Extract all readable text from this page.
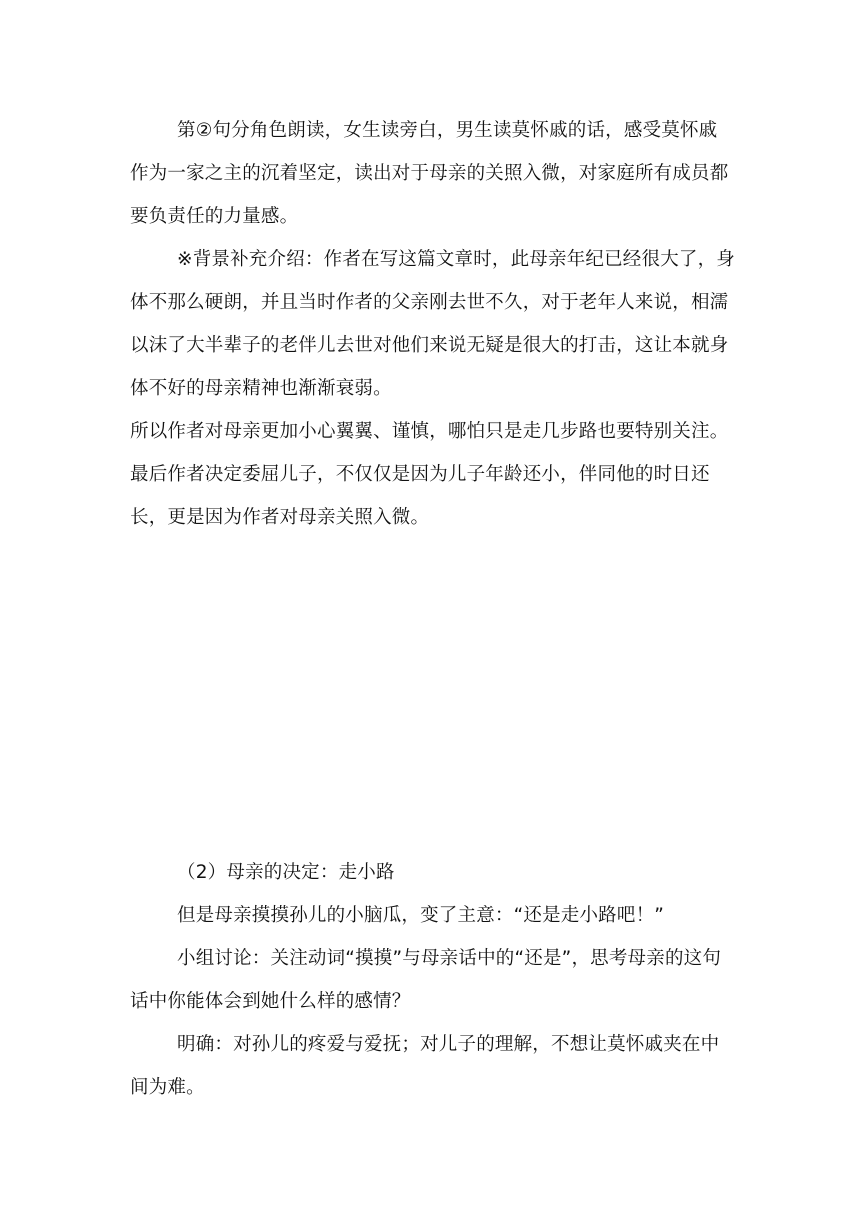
第②句分角色朗读，女生读旁白，男生读莫怀戚的话，感受莫怀戚作为一家之主的沉着坚定，读出对于母亲的关照入微，对家庭所有成员都要负责任的力量感。

※背景补充介绍：作者在写这篇文章时，此母亲年纪已经很大了，身体不那么硬朗，并且当时作者的父亲刚去世不久，对于老年人来说，相濡以沫了大半辈子的老伴儿去世对他们来说无疑是很大的打击，这让本就身体不好的母亲精神也渐渐衰弱。

所以作者对母亲更加小心翼翼、谨慎，哪怕只是走几步路也要特别关注。最后作者决定委屈儿子，不仅仅是因为儿子年龄还小，伴同他的时日还长，更是因为作者对母亲关照入微。

（2）母亲的决定：走小路

但是母亲摸摸孙儿的小脑瓜，变了主意：“还是走小路吧！”

小组讨论：关注动词“摸摸”与母亲话中的“还是”，思考母亲的这句话中你能体会到她什么样的感情？

明确：对孙儿的疼爱与爱抚；对儿子的理解，不想让莫怀戚夹在中间为难。
